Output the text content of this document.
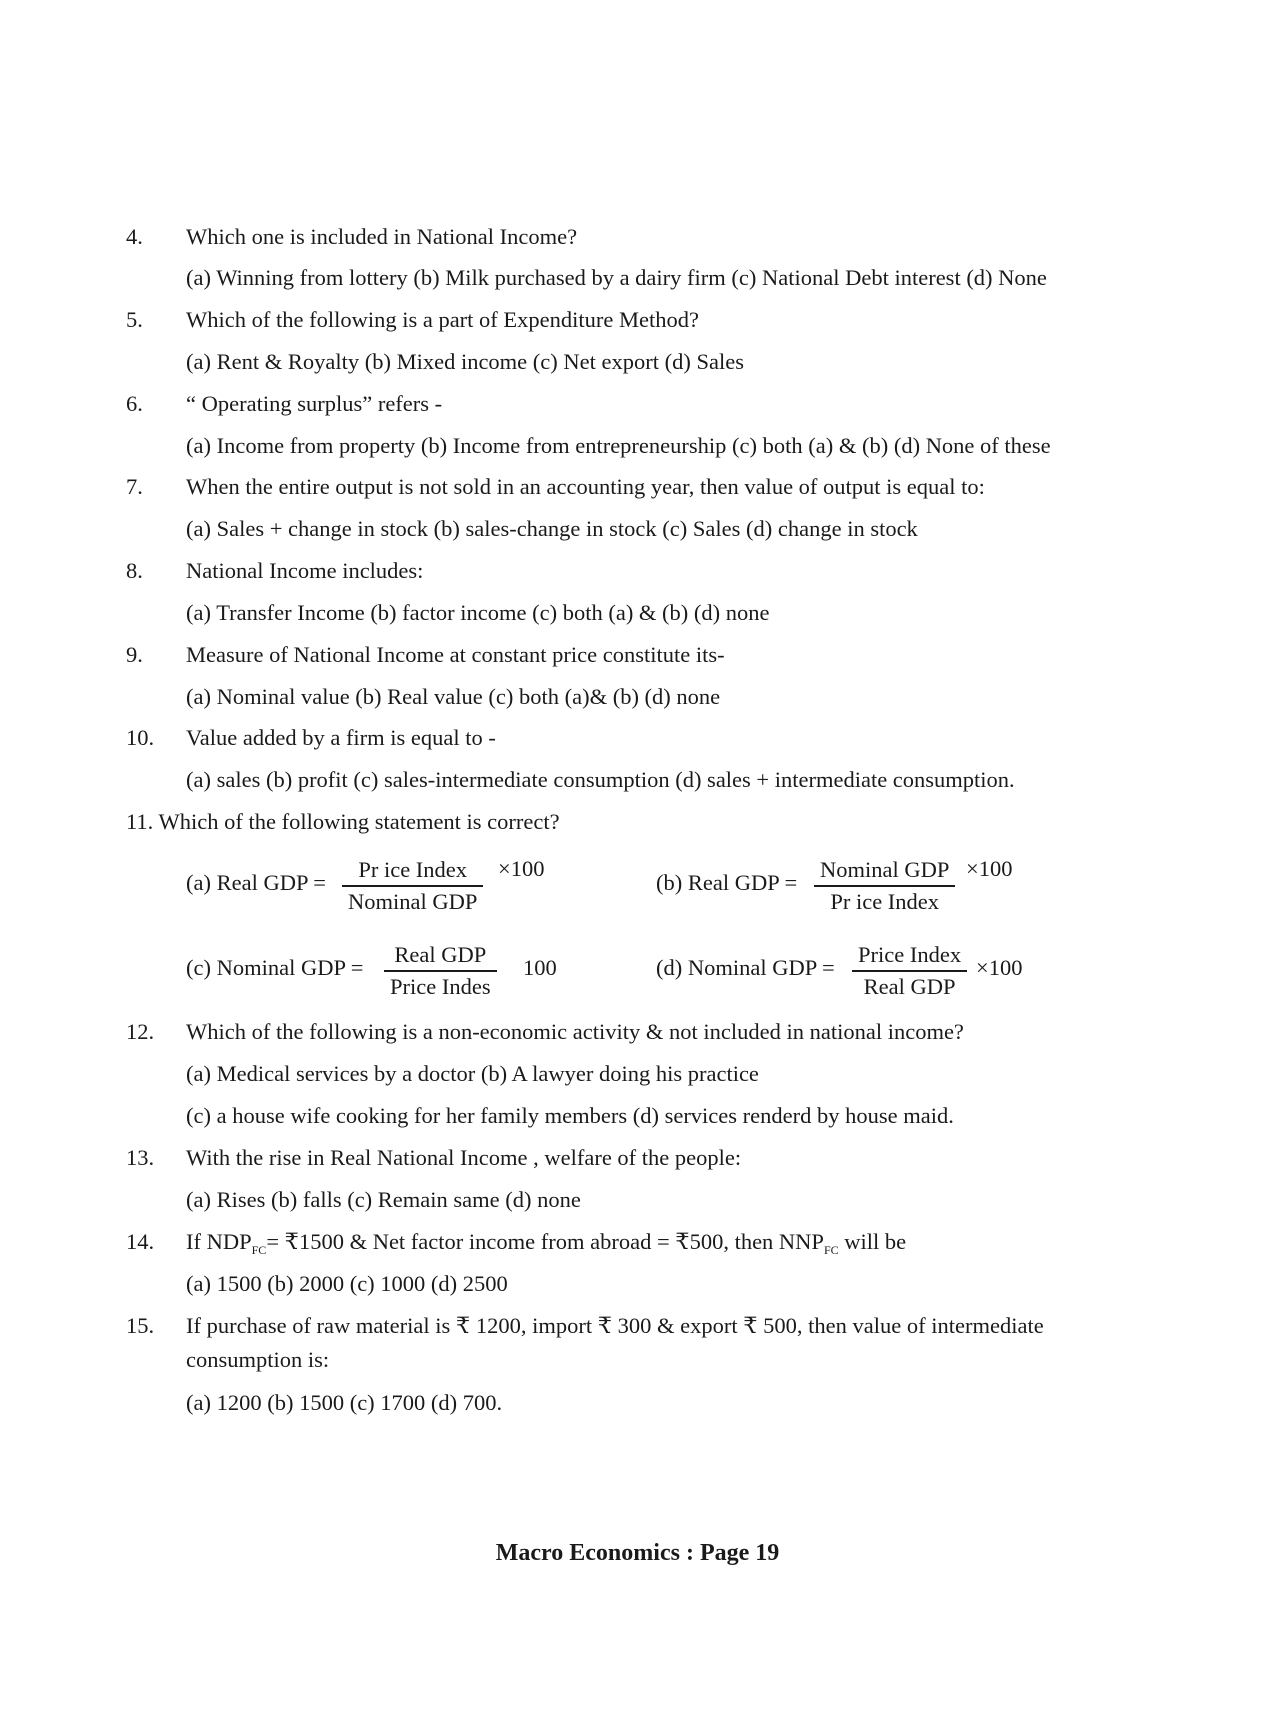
4. Which one is included in National Income?
(a) Winning from lottery (b) Milk purchased by a dairy firm (c) National Debt interest (d) None
5. Which of the following is a part of Expenditure Method?
(a) Rent & Royalty (b) Mixed income (c) Net export (d) Sales
6. “ Operating surplus” refers -
(a) Income from property (b) Income from entrepreneurship (c) both (a) & (b) (d) None of these
7. When the entire output is not sold in an accounting year, then value of output is equal to:
(a) Sales + change in stock (b) sales-change in stock (c) Sales (d) change in stock
8. National Income includes:
(a) Transfer Income (b) factor income (c) both (a) & (b) (d) none
9. Measure of National Income at constant price constitute its-
(a) Nominal value (b) Real value (c) both (a)& (b) (d) none
10. Value added by a firm is equal to -
(a) sales (b) profit (c) sales-intermediate consumption (d) sales + intermediate consumption.
11. Which of the following statement is correct?
(a) Real GDP =
Pr ice Index
Nominal GDP
×100
(b) Real GDP =
Nominal GDP
Pr ice Index
×100
(c) Nominal GDP =
Real GDP
Price Indes
100	(d) Nominal GDP =
Price Index
Real GDP
×100
12. Which of the following is a non-economic activity & not included in national income?
(a) Medical services by a doctor (b) A lawyer doing his practice
(c) a house wife cooking for her family members (d) services renderd by house maid.
13. With the rise in Real National Income , welfare of the people:
(a) Rises (b) falls (c) Remain same (d) none
14. If $NDP_{FC}=$ ₹1500 & Net factor income from abroad = ₹500, then $NNP_{FC}$ will be
(a) 1500 (b) 2000 (c) 1000 (d) 2500
15. If purchase of raw material is ₹ 1200, import ₹ 300 & export ₹ 500, then value of intermediate
consumption is:
(a) 1200 (b) 1500 (c) 1700 (d) 700.
Macro Economics : Page 19
